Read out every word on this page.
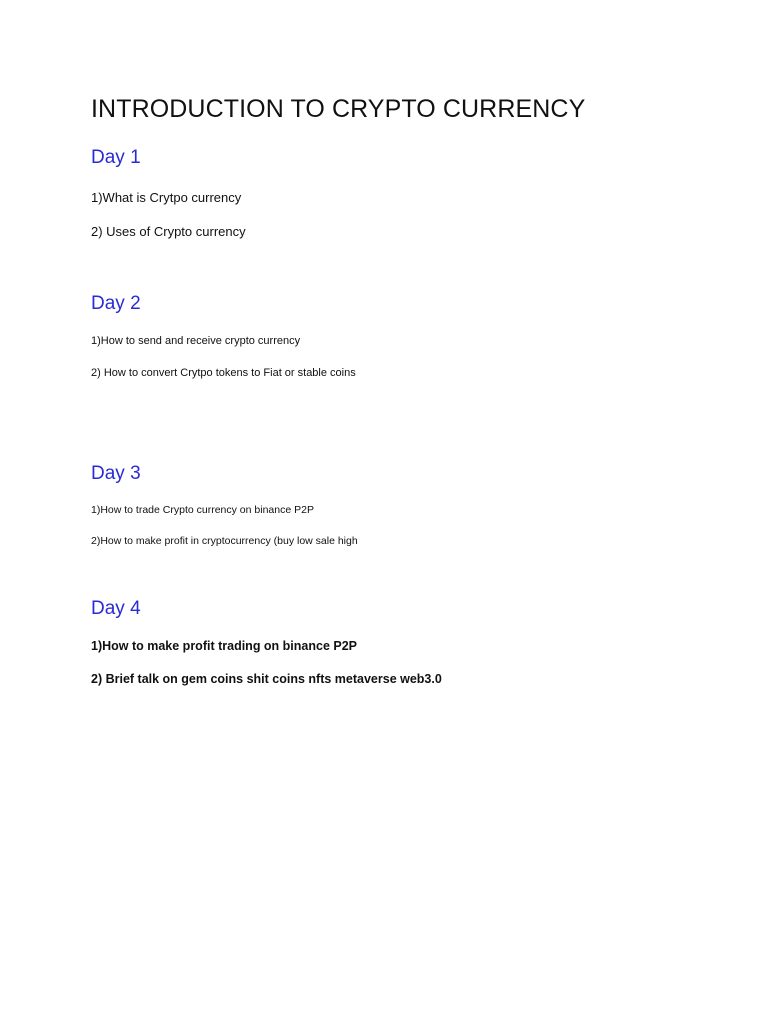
INTRODUCTION TO CRYPTO CURRENCY
Day 1
1)What is Crytpo currency
2) Uses of Crypto currency
Day 2
1)How to send and receive crypto currency
2) How to convert Crytpo tokens to Fiat or stable coins
Day 3
1)How to trade Crypto currency on binance P2P
2)How to make profit in cryptocurrency (buy low sale high
Day 4
1)How to make profit trading on binance P2P
2) Brief talk on gem coins shit coins nfts metaverse web3.0
